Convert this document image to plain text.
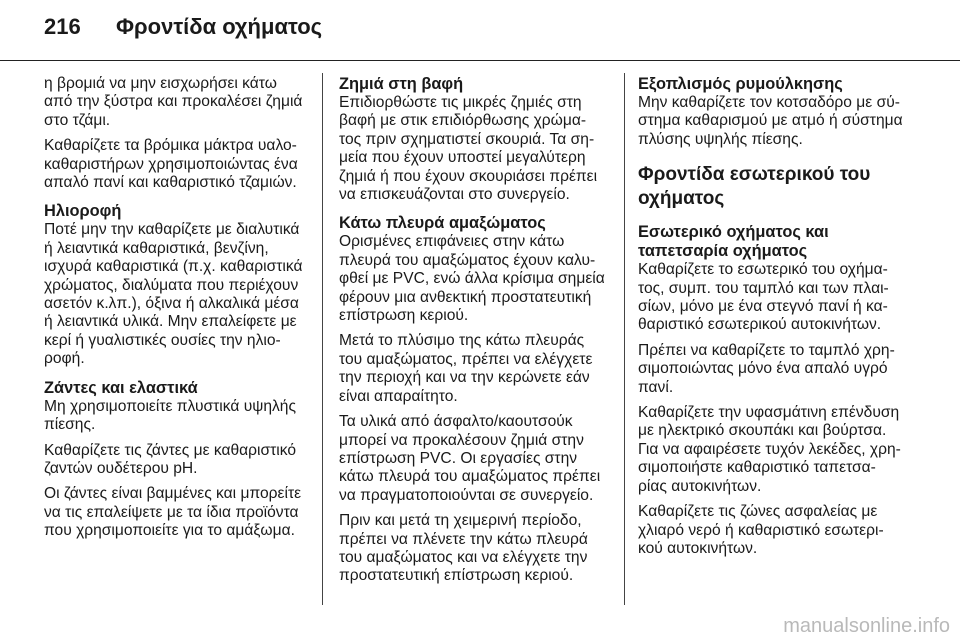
216 Φροντίδα οχήματος

η βρομιά να μην εισχωρήσει κάτω
από την ξύστρα και προκαλέσει ζημιά
στο τζάμι.

Καθαρίζετε τα βρόμικα μάκτρα υαλο-
καθαριστήρων χρησιμοποιώντας ένα
απαλό πανί και καθαριστικό τζαμιών.

Ηλιοροφή

Ποτέ μην την καθαρίζετε με διαλυτικά
ή λειαντικά καθαριστικά, βενζίνη,
ισχυρά καθαριστικά (π.χ. καθαριστικά
χρώματος, διαλύματα που περιέχουν
ασετόν κ.λπ.), όξινα ή αλκαλικά μέσα
ή λειαντικά υλικά. Μην επαλείφετε με
κερί ή γυαλιστικές ουσίες την ηλιο-
ροφή.

Ζάντες και ελαστικά

Μη χρησιμοποιείτε πλυστικά υψηλής
πίεσης.

Καθαρίζετε τις ζάντες με καθαριστικό
ζαντών ουδέτερου pH.

Οι ζάντες είναι βαμμένες και μπορείτε
να τις επαλείψετε με τα ίδια προϊόντα
που χρησιμοποιείτε για το αμάξωμα.

Ζημιά στη βαφή

Επιδιορθώστε τις μικρές ζημιές στη
βαφή με στικ επιδιόρθωσης χρώμα-
τος πριν σχηματιστεί σκουριά. Τα ση-
μεία που έχουν υποστεί μεγαλύτερη
ζημιά ή που έχουν σκουριάσει πρέπει
να επισκευάζονται στο συνεργείο.

Κάτω πλευρά αμαξώματος

Ορισμένες επιφάνειες στην κάτω
πλευρά του αμαξώματος έχουν καλυ-
φθεί με PVC, ενώ άλλα κρίσιμα σημεία
φέρουν μια ανθεκτική προστατευτική
επίστρωση κεριού.

Μετά το πλύσιμο της κάτω πλευράς
του αμαξώματος, πρέπει να ελέγχετε
την περιοχή και να την κερώνετε εάν
είναι απαραίτητο.

Τα υλικά από άσφαλτο/καουτσούκ
μπορεί να προκαλέσουν ζημιά στην
επίστρωση PVC. Οι εργασίες στην
κάτω πλευρά του αμαξώματος πρέπει
να πραγματοποιούνται σε συνεργείο.

Πριν και μετά τη χειμερινή περίοδο,
πρέπει να πλένετε την κάτω πλευρά
του αμαξώματος και να ελέγχετε την
προστατευτική επίστρωση κεριού.

Εξοπλισμός ρυμούλκησης

Μην καθαρίζετε τον κοτσαδόρο με σύ-
στημα καθαρισμού με ατμό ή σύστημα
πλύσης υψηλής πίεσης.

Φροντίδα εσωτερικού του
οχήματος

Εσωτερικό οχήματος και
ταπετσαρία οχήματος

Καθαρίζετε το εσωτερικό του οχήμα-
τος, συμπ. του ταμπλό και των πλαι-
σίων, μόνο με ένα στεγνό πανί ή κα-
θαριστικό εσωτερικού αυτοκινήτων.

Πρέπει να καθαρίζετε το ταμπλό χρη-
σιμοποιώντας μόνο ένα απαλό υγρό
πανί.

Καθαρίζετε την υφασμάτινη επένδυση
με ηλεκτρικό σκουπάκι και βούρτσα.
Για να αφαιρέσετε τυχόν λεκέδες, χρη-
σιμοποιήστε καθαριστικό ταπετσα-
ρίας αυτοκινήτων.

Καθαρίζετε τις ζώνες ασφαλείας με
χλιαρό νερό ή καθαριστικό εσωτερι-
κού αυτοκινήτων.

manualsonline.info
